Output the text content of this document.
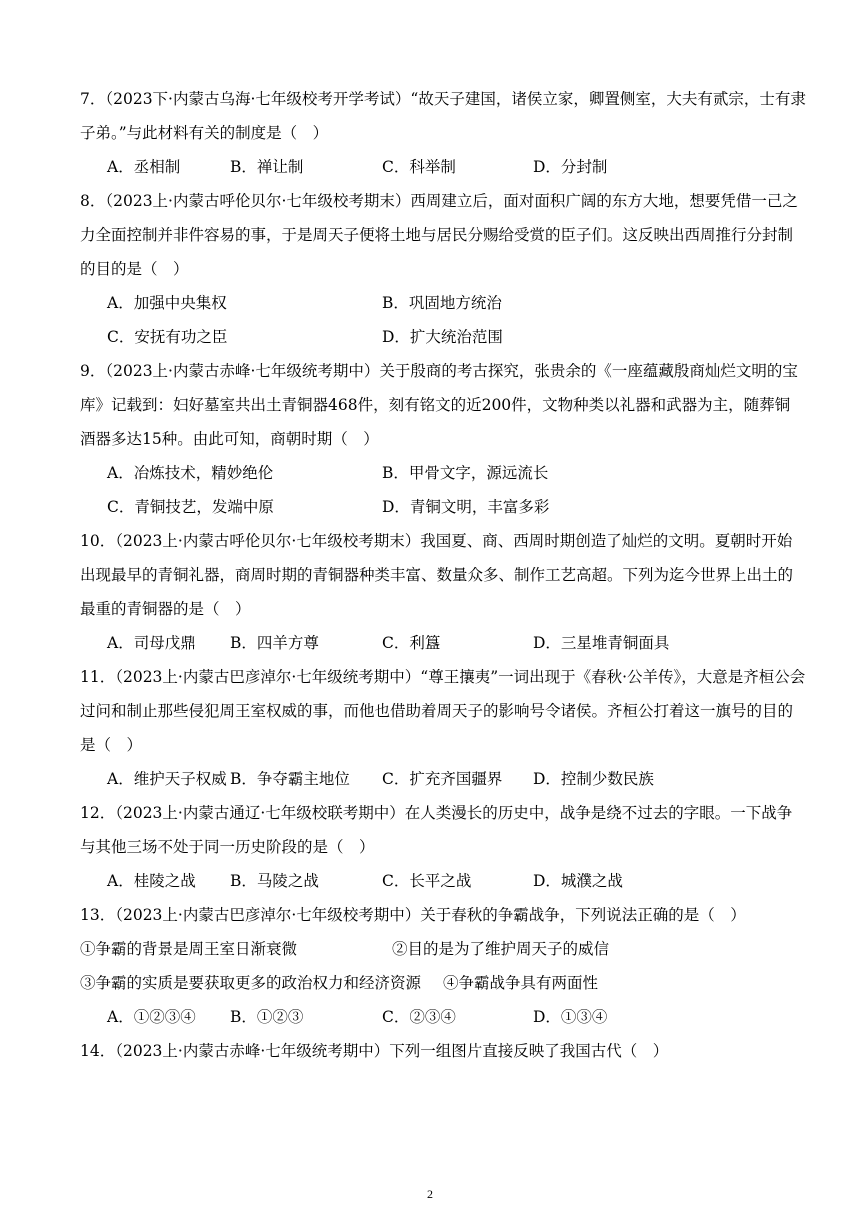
7．（2023下·内蒙古乌海·七年级校考开学考试）“故天子建国，诸侯立家，卿置侧室，大夫有贰宗，士有隶
子弟。”与此材料有关的制度是（　）
A．丞相制	B．禅让制	C．科举制	D．分封制
8．（2023上·内蒙古呼伦贝尔·七年级校考期末）西周建立后，面对面积广阔的东方大地，想要凭借一己之
力全面控制并非件容易的事，于是周天子便将土地与居民分赐给受赏的臣子们。这反映出西周推行分封制
的目的是（　）
A．加强中央集权	B．巩固地方统治
C．安抚有功之臣	D．扩大统治范围
9．（2023上·内蒙古赤峰·七年级统考期中）关于殷商的考古探究，张贵余的《一座蕴藏殷商灿烂文明的宝
库》记载到：妇好墓室共出土青铜器468件，刻有铭文的近200件，文物种类以礼器和武器为主，随葬铜
酒器多达15种。由此可知，商朝时期（　）
A．冶炼技术，精妙绝伦	B．甲骨文字，源远流长
C．青铜技艺，发端中原	D．青铜文明，丰富多彩
10．（2023上·内蒙古呼伦贝尔·七年级校考期末）我国夏、商、西周时期创造了灿烂的文明。夏朝时开始
出现最早的青铜礼器，商周时期的青铜器种类丰富、数量众多、制作工艺高超。下列为迄今世界上出土的
最重的青铜器的是（　）
A．司母戊鼎 B．四羊方尊	C．利簋	D．三星堆青铜面具
11．（2023上·内蒙古巴彦淖尔·七年级统考期中）“尊王攘夷”一词出现于《春秋·公羊传》，大意是齐桓公会
过问和制止那些侵犯周王室权威的事，而他也借助着周天子的影响号令诸侯。齐桓公打着这一旗号的目的
是（　）
A．维护天子权威 B．争夺霸主地位 C．扩充齐国疆界 D．控制少数民族
12．（2023上·内蒙古通辽·七年级校联考期中）在人类漫长的历史中，战争是绕不过去的字眼。一下战争
与其他三场不处于同一历史阶段的是（　）
A．桂陵之战 B．马陵之战	C．长平之战	D．城濮之战
13．（2023上·内蒙古巴彦淖尔·七年级校考期中）关于春秋的争霸战争，下列说法正确的是（　）
①争霸的背景是周王室日渐衰微	②目的是为了维护周天子的威信
③争霸的实质是要获取更多的政治权力和经济资源 ④争霸战争具有两面性
A．①②③④ B．①②③	C．②③④	D．①③④
14．（2023上·内蒙古赤峰·七年级统考期中）下列一组图片直接反映了我国古代（　）
2
